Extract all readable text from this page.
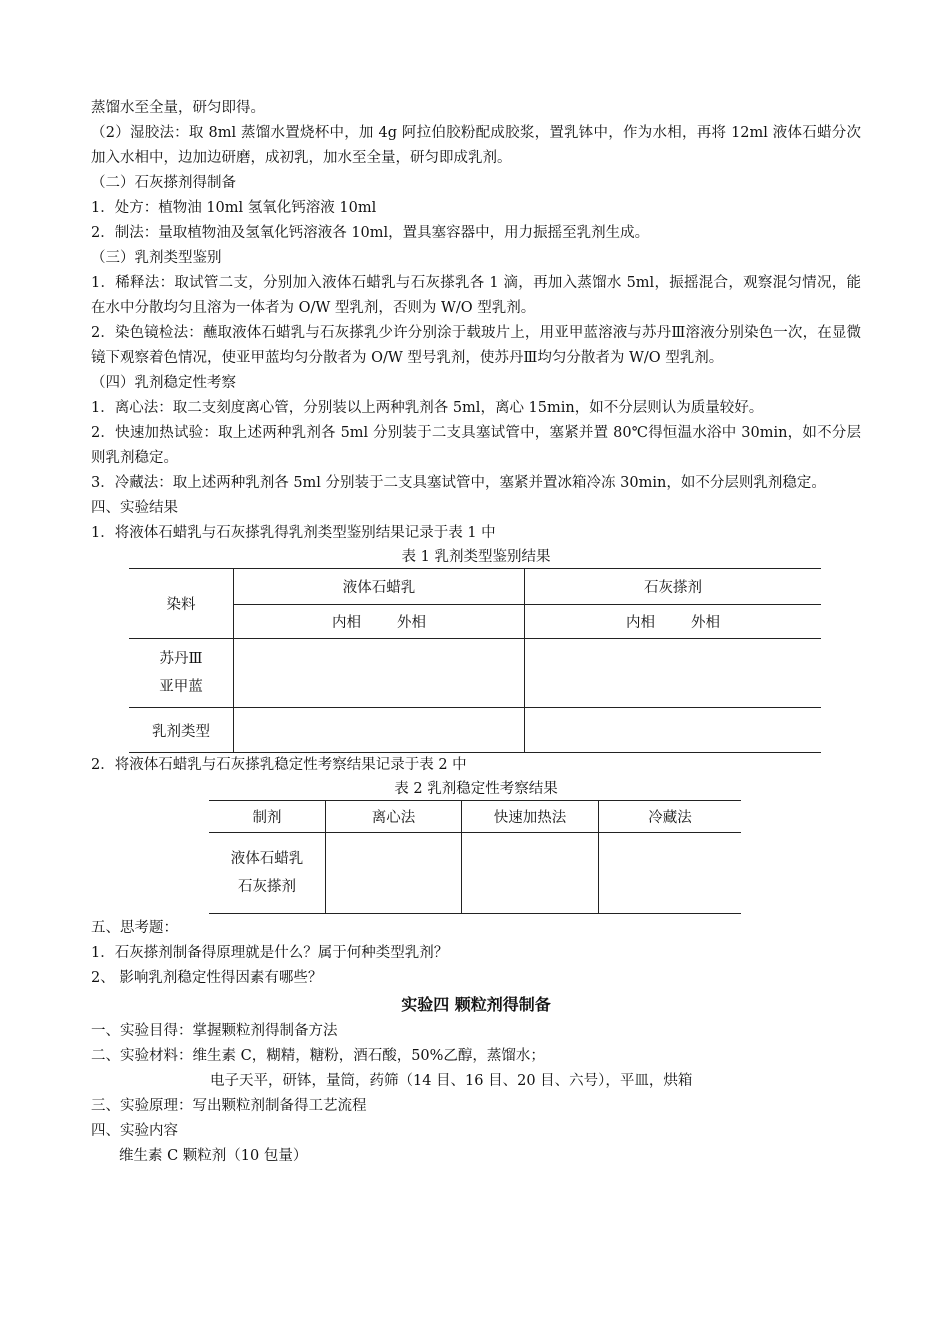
蒸馏水至全量，研匀即得。

（2）湿胶法：取 8ml 蒸馏水置烧杯中，加 4g 阿拉伯胶粉配成胶浆，置乳钵中，作为水相，再将 12ml 液体石蜡分次加入水相中，边加边研磨，成初乳，加水至全量，研匀即成乳剂。

（二）石灰搽剂得制备

1．处方：植物油 10ml 氢氧化钙溶液 10ml

2．制法：量取植物油及氢氧化钙溶液各 10ml，置具塞容器中，用力振摇至乳剂生成。

（三）乳剂类型鉴别

1．稀释法：取试管二支，分别加入液体石蜡乳与石灰搽乳各 1 滴，再加入蒸馏水 5ml，振摇混合，观察混匀情况，能在水中分散均匀且溶为一体者为 O/W 型乳剂，否则为 W/O 型乳剂。

2．染色镜检法：蘸取液体石蜡乳与石灰搽乳少许分别涂于载玻片上，用亚甲蓝溶液与苏丹Ⅲ溶液分别染色一次，在显微镜下观察着色情况，使亚甲蓝均匀分散者为 O/W 型号乳剂，使苏丹Ⅲ均匀分散者为 W/O 型乳剂。

（四）乳剂稳定性考察

1．离心法：取二支刻度离心管，分别装以上两种乳剂各 5ml，离心 15min，如不分层则认为质量较好。

2．快速加热试验：取上述两种乳剂各 5ml 分别装于二支具塞试管中，塞紧并置 80℃得恒温水浴中 30min，如不分层则乳剂稳定。

3．冷藏法：取上述两种乳剂各 5ml 分别装于二支具塞试管中，塞紧并置冰箱冷冻 30min，如不分层则乳剂稳定。

四、实验结果

1．将液体石蜡乳与石灰搽乳得乳剂类型鉴别结果记录于表 1 中

表 1 乳剂类型鉴别结果

染料	液体石蜡乳	石灰搽剂
	内相 外相	内相 外相

苏丹Ⅲ
亚甲蓝		

乳剂类型		

2．将液体石蜡乳与石灰搽乳稳定性考察结果记录于表 2 中

表 2 乳剂稳定性考察结果

制剂	离心法	快速加热法	冷藏法

液体石蜡乳
石灰搽剂			

五、思考题：

1．石灰搽剂制备得原理就是什么？属于何种类型乳剂？

2、 影响乳剂稳定性得因素有哪些？

实验四 颗粒剂得制备

一、实验目得：掌握颗粒剂得制备方法

二、实验材料：维生素 C，糊精，糖粉，酒石酸，50%乙醇，蒸馏水；

电子天平，研钵，量筒，药筛（14 目、16 目、20 目、六号），平皿，烘箱

三、实验原理：写出颗粒剂制备得工艺流程

四、实验内容

维生素 C 颗粒剂（10 包量）
